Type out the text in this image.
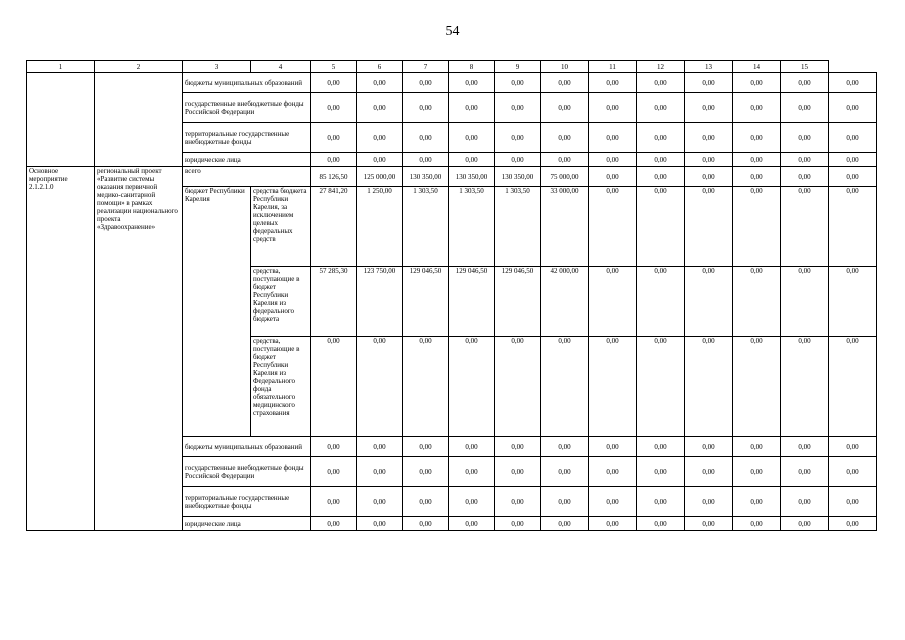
54
1	2	3	4	5	6	7	8	9	10	11	12	13	14	15	
		бюджеты муниципальных образований		0,00	0,00	0,00	0,00	0,00	0,00	0,00	0,00	0,00	0,00	0,00	0,00
		государственные внебюджетные фонды Российской Федерации		0,00	0,00	0,00	0,00	0,00	0,00	0,00	0,00	0,00	0,00	0,00	0,00
		территориальные государственные внебюджетные фонды		0,00	0,00	0,00	0,00	0,00	0,00	0,00	0,00	0,00	0,00	0,00	0,00
		юридические лица		0,00	0,00	0,00	0,00	0,00	0,00	0,00	0,00	0,00	0,00	0,00	0,00
Основное мероприятие 2.1.2.1.0	региональный проект «Развитие системы оказания первичной медико-санитарной помощи» в рамках реализации национального проекта «Здравоохранение»	всего		85 126,50	125 000,00	130 350,00	130 350,00	130 350,00	75 000,00	0,00	0,00	0,00	0,00	0,00	0,00
		бюджет Республики Карелия	средства бюджета Республики Карелия, за исключением целевых федеральных средств	27 841,20	1 250,00	1 303,50	1 303,50	1 303,50	33 000,00	0,00	0,00	0,00	0,00	0,00	0,00
			средства, поступающие в бюджет Республики Карелия из федерального бюджета	57 285,30	123 750,00	129 046,50	129 046,50	129 046,50	42 000,00	0,00	0,00	0,00	0,00	0,00	0,00
			средства, поступающие в бюджет Республики Карелия из Федерального фонда обязательного медицинского страхования	0,00	0,00	0,00	0,00	0,00	0,00	0,00	0,00	0,00	0,00	0,00	0,00
		бюджеты муниципальных образований		0,00	0,00	0,00	0,00	0,00	0,00	0,00	0,00	0,00	0,00	0,00	0,00
		государственные внебюджетные фонды Российской Федерации		0,00	0,00	0,00	0,00	0,00	0,00	0,00	0,00	0,00	0,00	0,00	0,00
		территориальные государственные внебюджетные фонды		0,00	0,00	0,00	0,00	0,00	0,00	0,00	0,00	0,00	0,00	0,00	0,00
		юридические лица		0,00	0,00	0,00	0,00	0,00	0,00	0,00	0,00	0,00	0,00	0,00	0,00
